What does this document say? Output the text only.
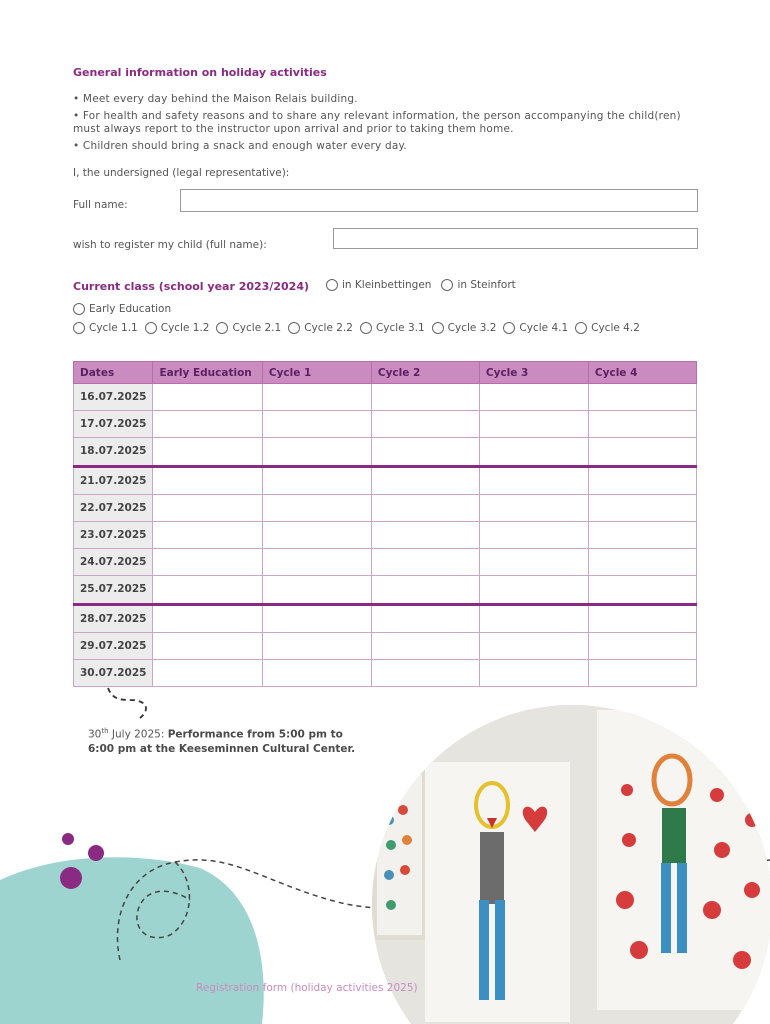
General information on holiday activities
• Meet every day behind the Maison Relais building.
• For health and safety reasons and to share any relevant information, the person accompanying the child(ren) must always report to the instructor upon arrival and prior to taking them home.
• Children should bring a snack and enough water every day.
I, the undersigned (legal representative):
Full name:
wish to register my child (full name):
Current class (school year 2023/2024)	in Kleinbettingen in Steinfort
Early Education
Cycle 1.1 Cycle 1.2 Cycle 2.1 Cycle 2.2 Cycle 3.1 Cycle 3.2 Cycle 4.1 Cycle 4.2
Dates	Early Education	Cycle 1	Cycle 2	Cycle 3	Cycle 4
16.07.2025					
17.07.2025					
18.07.2025					
21.07.2025					
22.07.2025					
23.07.2025					
24.07.2025					
25.07.2025					
28.07.2025					
29.07.2025					
30.07.2025					
30th July 2025: Performance from 5:00 pm to
6:00 pm at the Keeseminnen Cultural Center.
Registration form (holiday activities 2025)
